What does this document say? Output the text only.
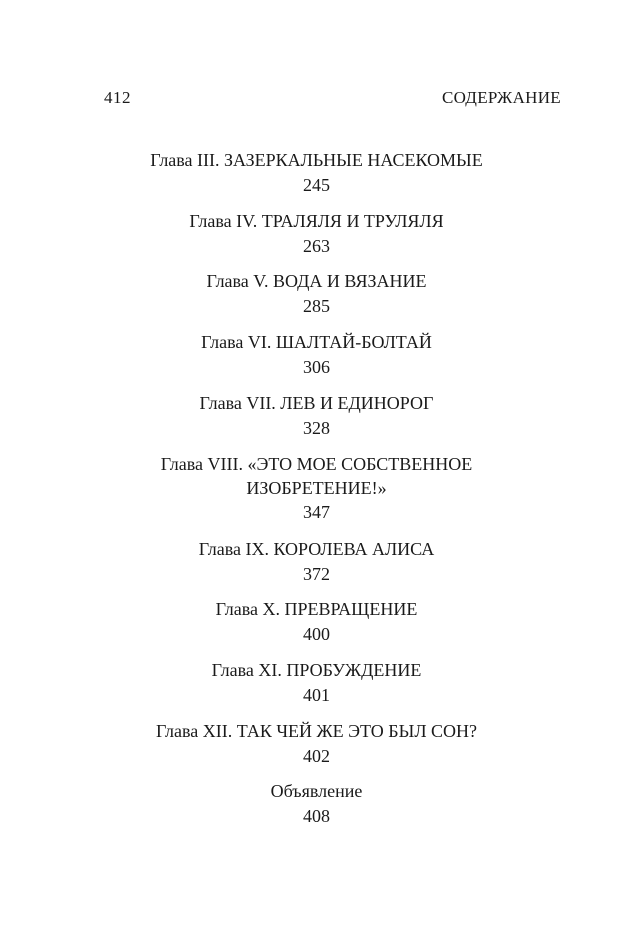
412	СОДЕРЖАНИЕ
Глава III. ЗАЗЕРКАЛЬНЫЕ НАСЕКОМЫЕ
245
Глава IV. ТРАЛЯЛЯ И ТРУЛЯЛЯ
263
Глава V. ВОДА И ВЯЗАНИЕ
285
Глава VI. ШАЛТАЙ-БОЛТАЙ
306
Глава VII. ЛЕВ И ЕДИНОРОГ
328
Глава VIII. «ЭТО МОЕ СОБСТВЕННОЕ
ИЗОБРЕТЕНИЕ!»
347
Глава IX. КОРОЛЕВА АЛИСА
372
Глава X. ПРЕВРАЩЕНИЕ
400
Глава XI. ПРОБУЖДЕНИЕ
401
Глава XII. ТАК ЧЕЙ ЖЕ ЭТО БЫЛ СОН?
402
Объявление
408
